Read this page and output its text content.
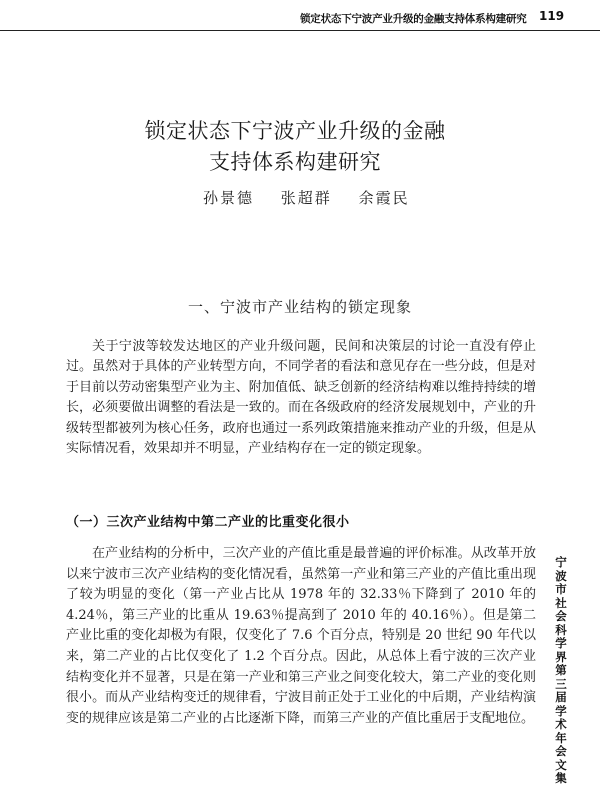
锁定状态下宁波产业升级的金融支持体系构建研究 119
锁定状态下宁波产业升级的金融
支持体系构建研究
孙景德 张超群 余霞民
一、宁波市产业结构的锁定现象

关于宁波等较发达地区的产业升级问题，民间和决策层的讨论一直没有停止过。虽然对于具体的产业转型方向，不同学者的看法和意见存在一些分歧，但是对于目前以劳动密集型产业为主、附加值低、缺乏创新的经济结构难以维持持续的增长，必须要做出调整的看法是一致的。而在各级政府的经济发展规划中，产业的升级转型都被列为核心任务，政府也通过一系列政策措施来推动产业的升级，但是从实际情况看，效果却并不明显，产业结构存在一定的锁定现象。

（一）三次产业结构中第二产业的比重变化很小

在产业结构的分析中，三次产业的产值比重是最普遍的评价标准。从改革开放以来宁波市三次产业结构的变化情况看，虽然第一产业和第三产业的产值比重出现了较为明显的变化（第一产业占比从 1978 年的 32.33％下降到了 2010 年的 4.24％，第三产业的比重从 19.63％提高到了 2010 年的 40.16％）。但是第二产业比重的变化却极为有限，仅变化了 7.6 个百分点，特别是 20 世纪 90 年代以来，第二产业的占比仅变化了 1.2 个百分点。因此，从总体上看宁波的三次产业结构变化并不显著，只是在第一产业和第三产业之间变化较大，第二产业的变化则很小。而从产业结构变迁的规律看，宁波目前正处于工业化的中后期，产业结构演变的规律应该是第二产业的占比逐渐下降，而第三产业的产值比重居于支配地位。

宁波市社会科学界第三届学术年会文集
